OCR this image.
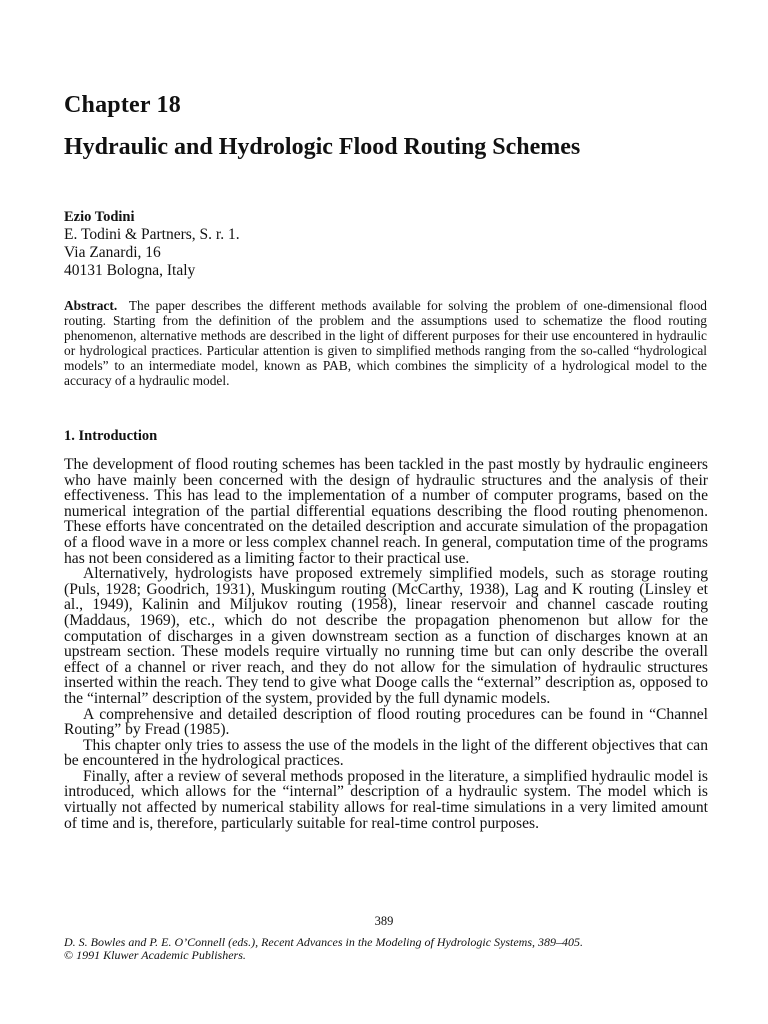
Chapter 18
Hydraulic and Hydrologic Flood Routing Schemes
Ezio Todini
E. Todini & Partners, S. r. 1.
Via Zanardi, 16
40131 Bologna, Italy
Abstract. The paper describes the different methods available for solving the problem of one-dimensional flood routing. Starting from the definition of the problem and the assumptions used to schematize the flood routing phenomenon, alternative methods are described in the light of different purposes for their use encountered in hydraulic or hydrological practices. Particular attention is given to simplified methods ranging from the so-called “hydrological models” to an intermediate model, known as PAB, which combines the simplicity of a hydrological model to the accuracy of a hydraulic model.
1. Introduction

The development of flood routing schemes has been tackled in the past mostly by hydraulic engineers who have mainly been concerned with the design of hydraulic structures and the analysis of their effectiveness. This has lead to the implementation of a number of computer programs, based on the numerical integration of the partial differential equations describing the flood routing phenomenon. These efforts have concentrated on the detailed description and accurate simulation of the propagation of a flood wave in a more or less complex channel reach. In general, computation time of the programs has not been considered as a limiting factor to their practical use.

Alternatively, hydrologists have proposed extremely simplified models, such as storage routing (Puls, 1928; Goodrich, 1931), Muskingum routing (McCarthy, 1938), Lag and K routing (Linsley et al., 1949), Kalinin and Miljukov routing (1958), linear reservoir and channel cascade routing (Maddaus, 1969), etc., which do not describe the propagation phenomenon but allow for the computation of discharges in a given downstream section as a function of discharges known at an upstream section. These models require virtually no running time but can only describe the overall effect of a channel or river reach, and they do not allow for the simulation of hydraulic structures inserted within the reach. They tend to give what Dooge calls the “external” description as, opposed to the “internal” description of the system, provided by the full dynamic models.

A comprehensive and detailed description of flood routing procedures can be found in “Channel Routing” by Fread (1985).

This chapter only tries to assess the use of the models in the light of the different objectives that can be encountered in the hydrological practices.

Finally, after a review of several methods proposed in the literature, a simplified hydraulic model is introduced, which allows for the “internal” description of a hydraulic system. The model which is virtually not affected by numerical stability allows for real-time simulations in a very limited amount of time and is, therefore, particularly suitable for real-time control purposes.

389
D. S. Bowles and P. E. O’Connell (eds.), Recent Advances in the Modeling of Hydrologic Systems, 389–405.
© 1991 Kluwer Academic Publishers.
